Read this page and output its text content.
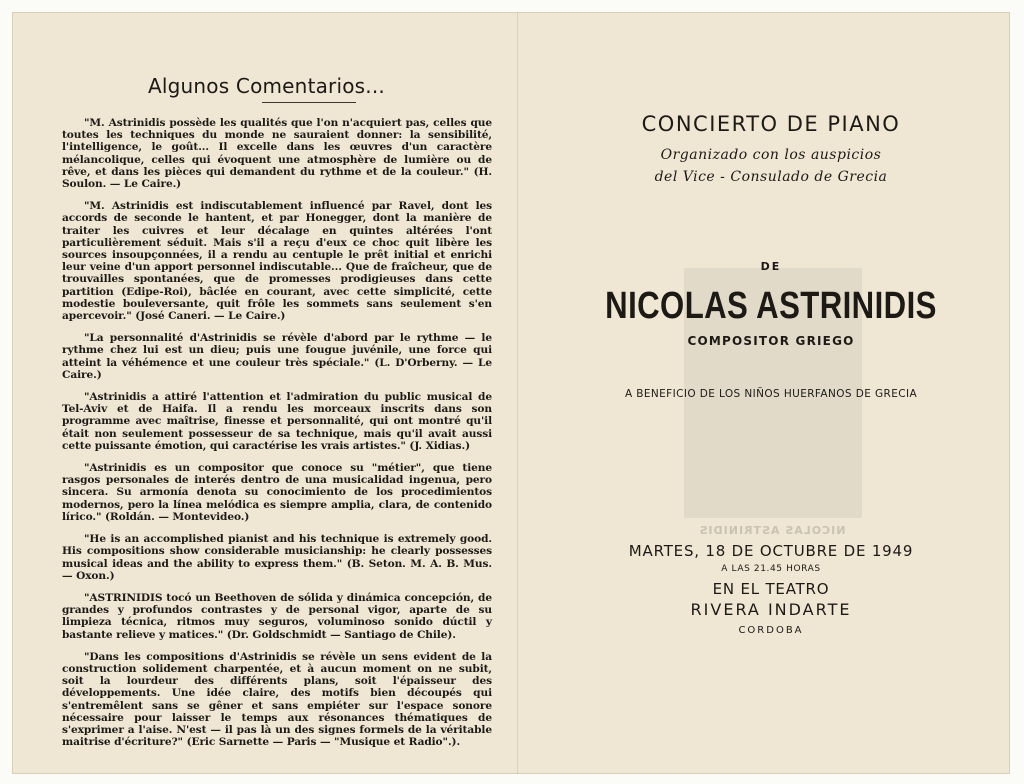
Algunos Comentarios...

"M. Astrinidis possède les qualités que l'on n'acquiert pas, celles que toutes les techniques du monde ne sauraient donner: la sensibilité, l'intelligence, le goût... Il excelle dans les œuvres d'un caractère mélancolique, celles qui évoquent une atmosphère de lumière ou de rêve, et dans les pièces qui demandent du rythme et de la couleur." (H. Soulon. — Le Caire.)

"M. Astrinidis est indiscutablement influencé par Ravel, dont les accords de seconde le hantent, et par Honegger, dont la manière de traiter les cuivres et leur décalage en quintes altérées l'ont particulièrement séduit. Mais s'il a reçu d'eux ce choc quit libère les sources insoupçonnées, il a rendu au centuple le prêt initial et enrichi leur veine d'un apport personnel indiscutable... Que de fraîcheur, que de trouvailles spontanées, que de promesses prodigieuses dans cette partition (Edipe-Roi), bâclée en courant, avec cette simplicité, cette modestie bouleversante, quit frôle les sommets sans seulement s'en apercevoir." (José Caneri. — Le Caire.)

"La personnalité d'Astrinidis se révèle d'abord par le rythme — le rythme chez lui est un dieu; puis une fougue juvénile, une force qui atteint la véhémence et une couleur très spéciale." (L. D'Orberny. — Le Caire.)

"Astrinidis a attiré l'attention et l'admiration du public musical de Tel-Aviv et de Haifa. Il a rendu les morceaux inscrits dans son programme avec maîtrise, finesse et personnalité, qui ont montré qu'il était non seulement possesseur de sa technique, mais qu'il avait aussi cette puissante émotion, qui caractérise les vrais artistes." (J. Xidias.)

"Astrinidis es un compositor que conoce su "métier", que tiene rasgos personales de interés dentro de una musicalidad ingenua, pero sincera. Su armonía denota su conocimiento de los procedimientos modernos, pero la línea melódica es siempre amplia, clara, de contenido lírico." (Roldán. — Montevideo.)

"He is an accomplished pianist and his technique is extremely good. His compositions show considerable musicianship: he clearly possesses musical ideas and the ability to express them." (B. Seton. M. A. B. Mus. — Oxon.)

"ASTRINIDIS tocó un Beethoven de sólida y dinámica concepción, de grandes y profundos contrastes y de personal vigor, aparte de su limpieza técnica, ritmos muy seguros, voluminoso sonido dúctil y bastante relieve y matices." (Dr. Goldschmidt — Santiago de Chile).

"Dans les compositions d'Astrinidis se révèle un sens evident de la construction solidement charpentée, et à aucun moment on ne subit, soit la lourdeur des différents plans, soit l'épaisseur des développements. Une idée claire, des motifs bien découpés qui s'entremêlent sans se gêner et sans empiéter sur l'espace sonore nécessaire pour laisser le temps aux résonances thématiques de s'exprimer a l'aise. N'est — il pas là un des signes formels de la véritable maitrise d'écriture?" (Eric Sarnette — Paris — "Musique et Radio".).

NICOLAS ASTRINIDIS
CONCIERTO DE PIANO
Organizado con los auspicios
del Vice - Consulado de Grecia
DE
NICOLAS ASTRINIDIS
COMPOSITOR GRIEGO
A BENEFICIO DE LOS NIÑOS HUERFANOS DE GRECIA
MARTES, 18 DE OCTUBRE DE 1949
A LAS 21.45 HORAS
EN EL TEATRO
RIVERA INDARTE
CORDOBA
